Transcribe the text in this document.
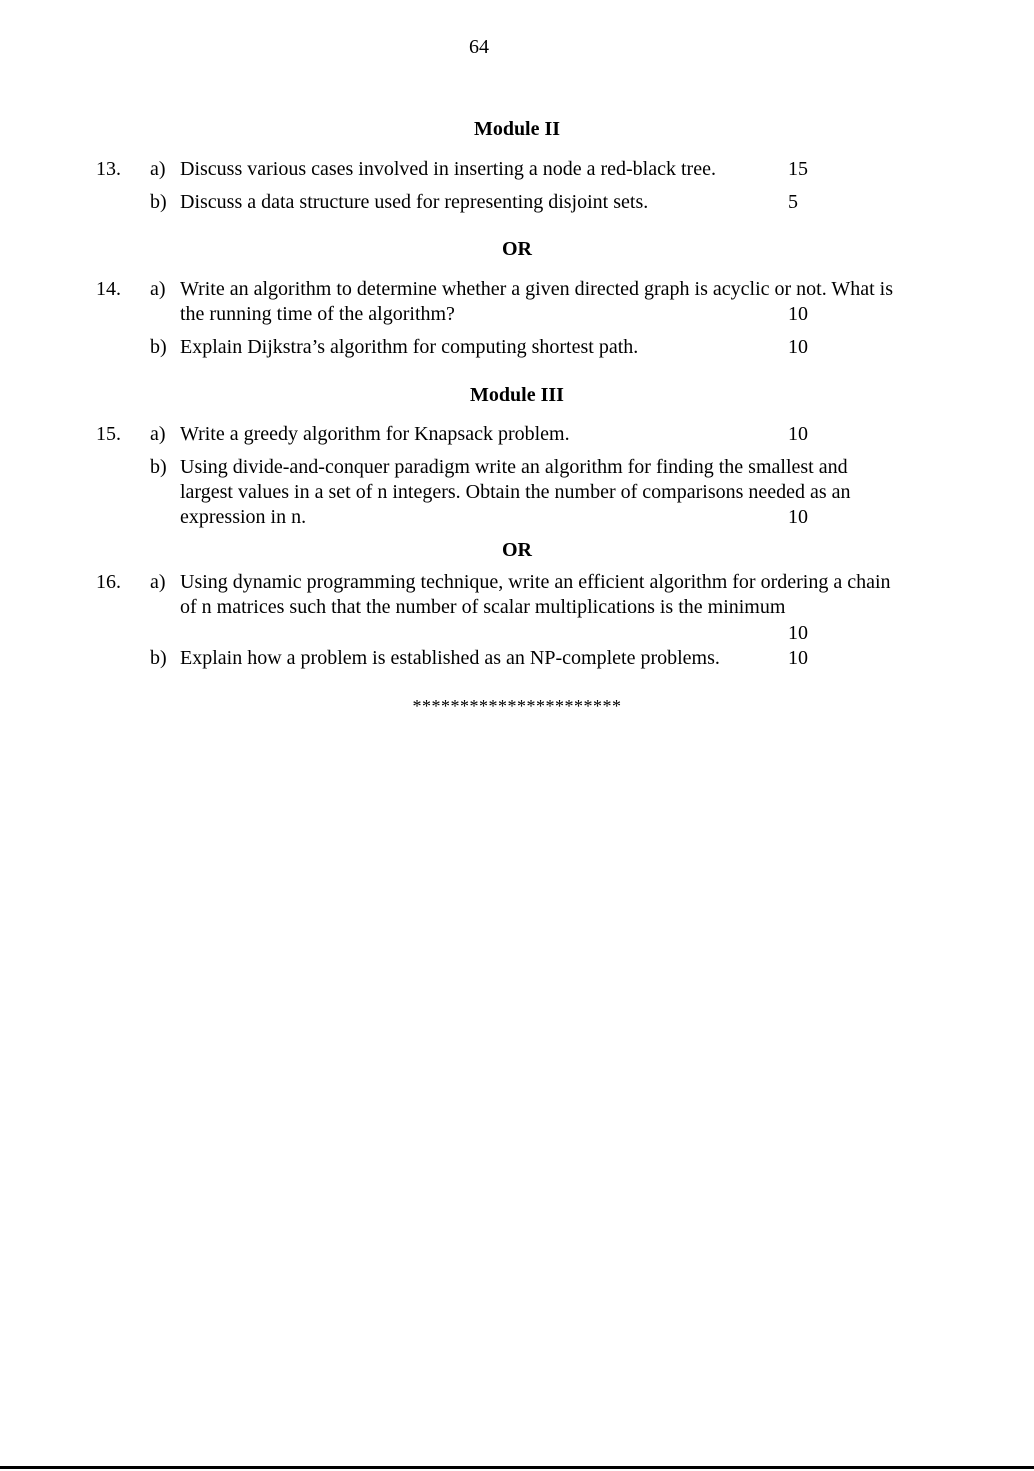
64
Module II
13. a) Discuss various cases involved in inserting a node a red-black tree.	15
b) Discuss a data structure used for representing disjoint sets.	5
OR
14. a) Write an algorithm to determine whether a given directed graph is acyclic or not. What is
the running time of the algorithm?	10
b) Explain Dijkstra’s algorithm for computing shortest path.	10
Module III
15. a) Write a greedy algorithm for Knapsack problem.	10
b) Using divide-and-conquer paradigm write an algorithm for finding the smallest and
largest values in a set of n integers. Obtain the number of comparisons needed as an
expression in n.	10
OR
16. a) Using dynamic programming technique, write an efficient algorithm for ordering a chain
of n matrices such that the number of scalar multiplications is the minimum
10
b) Explain how a problem is established as an NP-complete problems.	10
**********************
